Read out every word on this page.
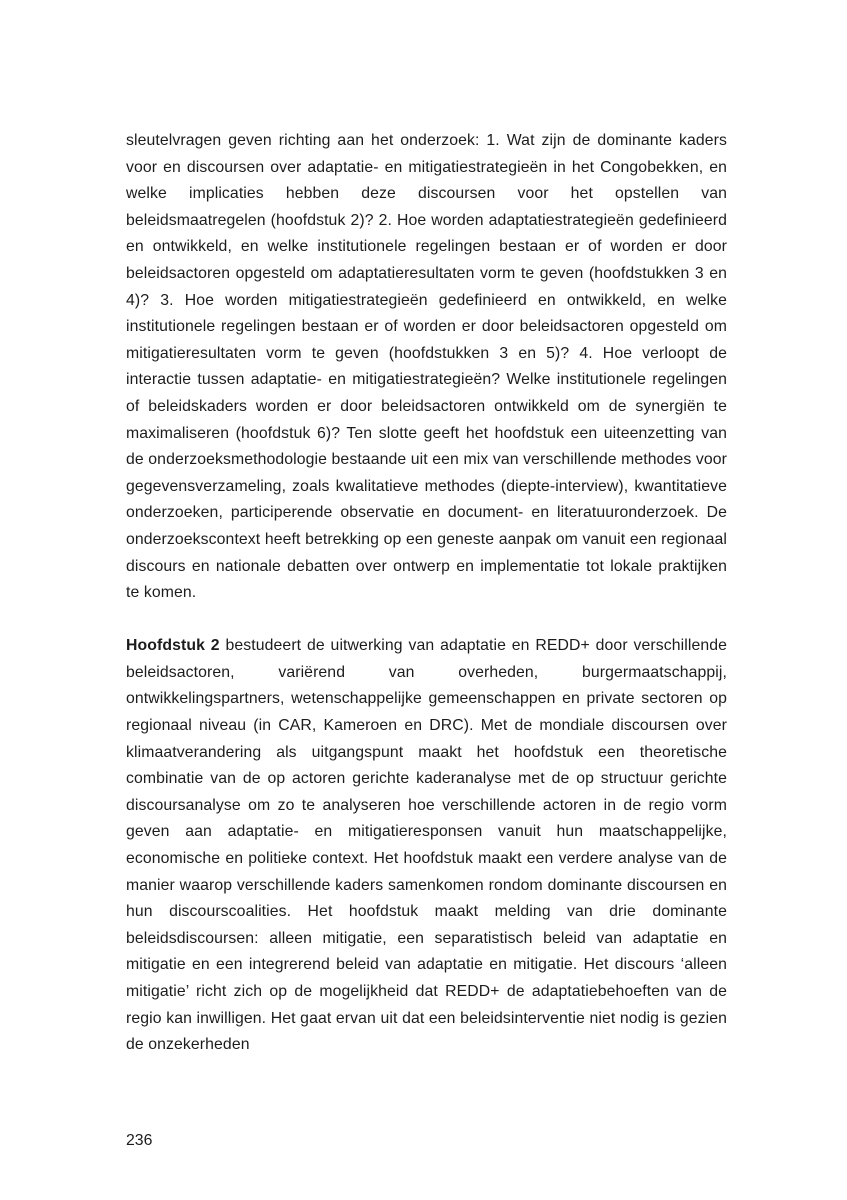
sleutelvragen geven richting aan het onderzoek: 1. Wat zijn de dominante kaders voor en discoursen over adaptatie- en mitigatiestrategieën in het Congobekken, en welke implicaties hebben deze discoursen voor het opstellen van beleidsmaatregelen (hoofdstuk 2)? 2. Hoe worden adaptatiestrategieën gedefinieerd en ontwikkeld, en welke institutionele regelingen bestaan er of worden er door beleidsactoren opgesteld om adaptatieresultaten vorm te geven (hoofdstukken 3 en 4)? 3. Hoe worden mitigatiestrategieën gedefinieerd en ontwikkeld, en welke institutionele regelingen bestaan er of worden er door beleidsactoren opgesteld om mitigatieresultaten vorm te geven (hoofdstukken 3 en 5)? 4. Hoe verloopt de interactie tussen adaptatie- en mitigatiestrategieën? Welke institutionele regelingen of beleidskaders worden er door beleidsactoren ontwikkeld om de synergiën te maximaliseren (hoofdstuk 6)? Ten slotte geeft het hoofdstuk een uiteenzetting van de onderzoeksmethodologie bestaande uit een mix van verschillende methodes voor gegevensverzameling, zoals kwalitatieve methodes (diepte-interview), kwantitatieve onderzoeken, participerende observatie en document- en literatuuronderzoek. De onderzoekscontext heeft betrekking op een geneste aanpak om vanuit een regionaal discours en nationale debatten over ontwerp en implementatie tot lokale praktijken te komen.

Hoofdstuk 2 bestudeert de uitwerking van adaptatie en REDD+ door verschillende beleidsactoren, variërend van overheden, burgermaatschappij, ontwikkelingspartners, wetenschappelijke gemeenschappen en private sectoren op regionaal niveau (in CAR, Kameroen en DRC). Met de mondiale discoursen over klimaatverandering als uitgangspunt maakt het hoofdstuk een theoretische combinatie van de op actoren gerichte kaderanalyse met de op structuur gerichte discoursanalyse om zo te analyseren hoe verschillende actoren in de regio vorm geven aan adaptatie- en mitigatieresponsen vanuit hun maatschappelijke, economische en politieke context. Het hoofdstuk maakt een verdere analyse van de manier waarop verschillende kaders samenkomen rondom dominante discoursen en hun discourscoalities. Het hoofdstuk maakt melding van drie dominante beleidsdiscoursen: alleen mitigatie, een separatistisch beleid van adaptatie en mitigatie en een integrerend beleid van adaptatie en mitigatie. Het discours ‘alleen mitigatie’ richt zich op de mogelijkheid dat REDD+ de adaptatiebehoeften van de regio kan inwilligen. Het gaat ervan uit dat een beleidsinterventie niet nodig is gezien de onzekerheden

236
